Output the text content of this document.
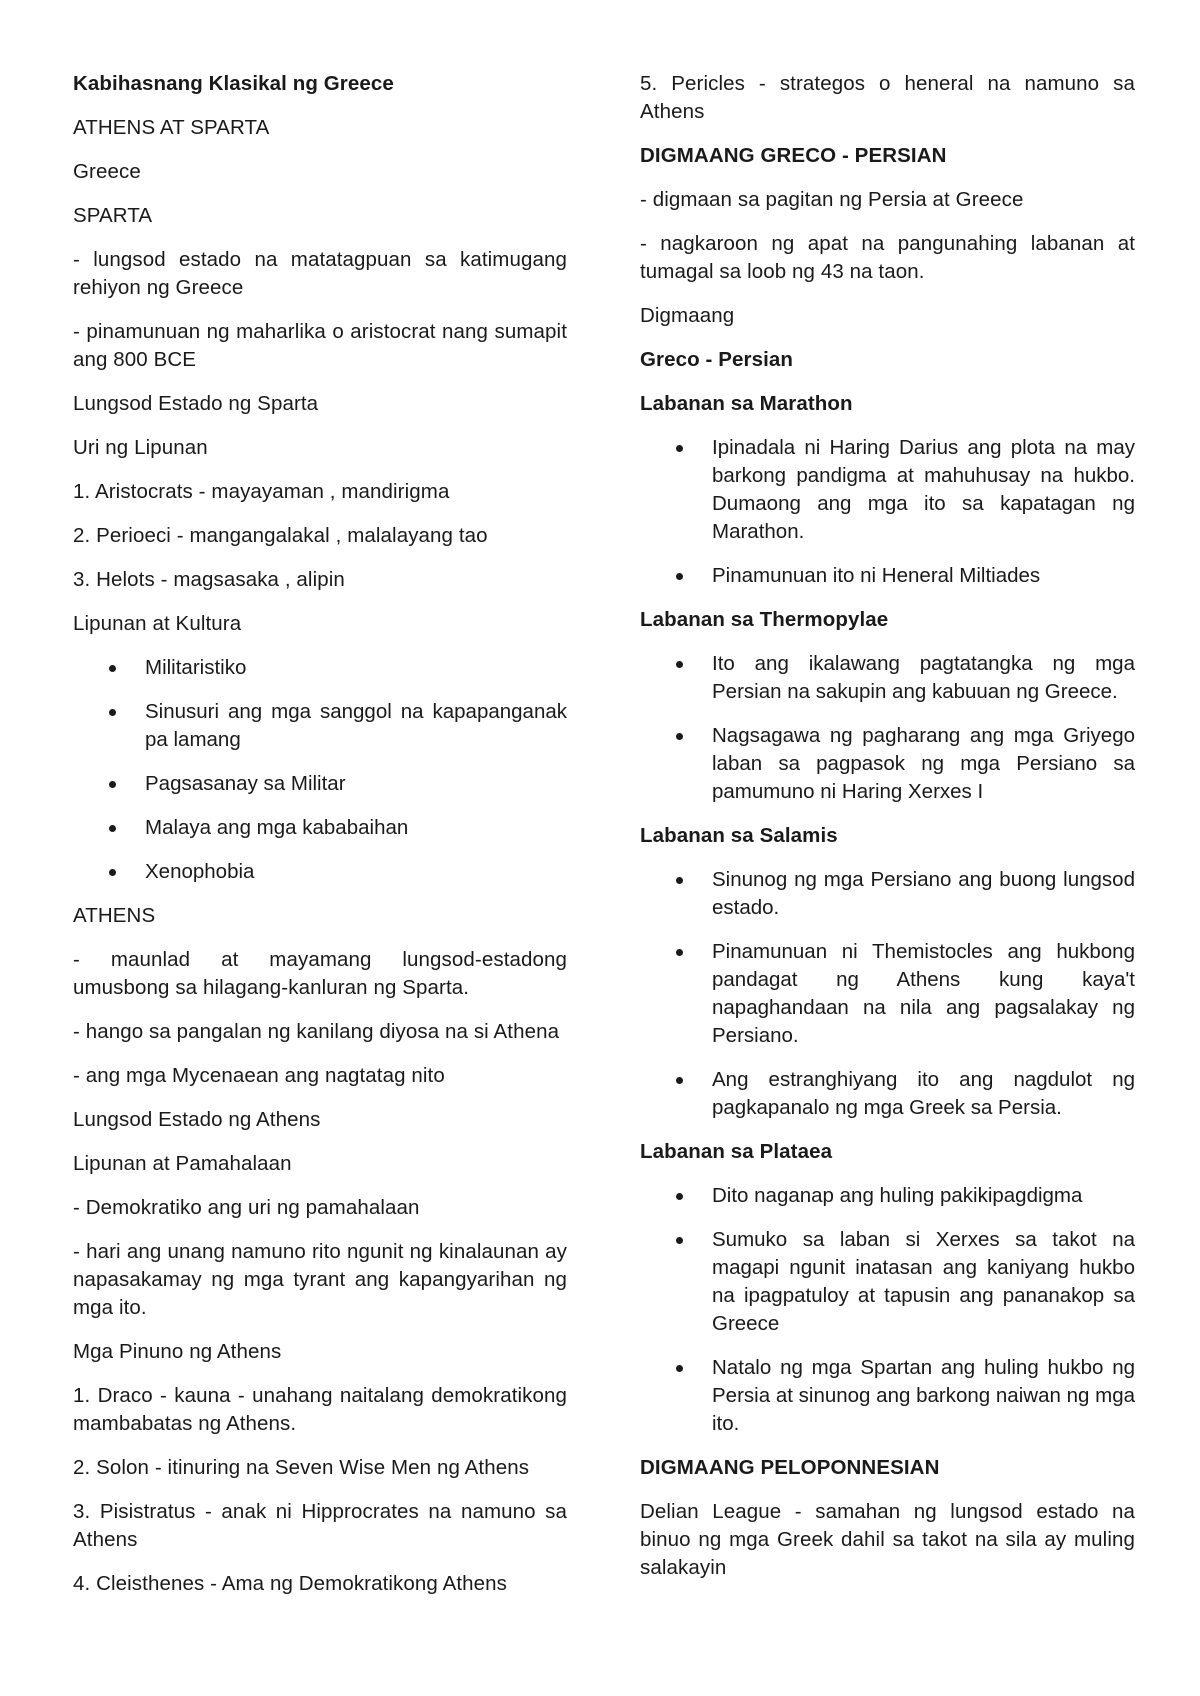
Kabihasnang Klasikal ng Greece

ATHENS AT SPARTA

Greece

SPARTA

- lungsod estado na matatagpuan sa katimugang rehiyon ng Greece

- pinamunuan ng maharlika o aristocrat nang sumapit ang 800 BCE

Lungsod Estado ng Sparta

Uri ng Lipunan

1. Aristocrats - mayayaman , mandirigma

2. Perioeci - mangangalakal , malalayang tao

3. Helots - magsasaka , alipin

Lipunan at Kultura

Militaristiko
Sinusuri ang mga sanggol na kapapanganak pa lamang
Pagsasanay sa Militar
Malaya ang mga kababaihan
Xenophobia

ATHENS

- maunlad at mayamang lungsod-estadong umusbong sa hilagang-kanluran ng Sparta.

- hango sa pangalan ng kanilang diyosa na si Athena

- ang mga Mycenaean ang nagtatag nito

Lungsod Estado ng Athens

Lipunan at Pamahalaan

- Demokratiko ang uri ng pamahalaan

- hari ang unang namuno rito ngunit ng kinalaunan ay napasakamay ng mga tyrant ang kapangyarihan ng mga ito.

Mga Pinuno ng Athens

1. Draco - kauna - unahang naitalang demokratikong mambabatas ng Athens.

2. Solon - itinuring na Seven Wise Men ng Athens

3. Pisistratus - anak ni Hipprocrates na namuno sa Athens

4. Cleisthenes - Ama ng Demokratikong Athens

5. Pericles - strategos o heneral na namuno sa Athens

DIGMAANG GRECO - PERSIAN

- digmaan sa pagitan ng Persia at Greece

- nagkaroon ng apat na pangunahing labanan at tumagal sa loob ng 43 na taon.

Digmaang

Greco - Persian

Labanan sa Marathon

Ipinadala ni Haring Darius ang plota na may barkong pandigma at mahuhusay na hukbo. Dumaong ang mga ito sa kapatagan ng Marathon.
Pinamunuan ito ni Heneral Miltiades

Labanan sa Thermopylae

Ito ang ikalawang pagtatangka ng mga Persian na sakupin ang kabuuan ng Greece.
Nagsagawa ng pagharang ang mga Griyego laban sa pagpasok ng mga Persiano sa pamumuno ni Haring Xerxes I

Labanan sa Salamis

Sinunog ng mga Persiano ang buong lungsod estado.
Pinamunuan ni Themistocles ang hukbong pandagat ng Athens kung kaya't napaghandaan na nila ang pagsalakay ng Persiano.
Ang estranghiyang ito ang nagdulot ng pagkapanalo ng mga Greek sa Persia.

Labanan sa Plataea

Dito naganap ang huling pakikipagdigma
Sumuko sa laban si Xerxes sa takot na magapi ngunit inatasan ang kaniyang hukbo na ipagpatuloy at tapusin ang pananakop sa Greece
Natalo ng mga Spartan ang huling hukbo ng Persia at sinunog ang barkong naiwan ng mga ito.

DIGMAANG PELOPONNESIAN

Delian League - samahan ng lungsod estado na binuo ng mga Greek dahil sa takot na sila ay muling salakayin
